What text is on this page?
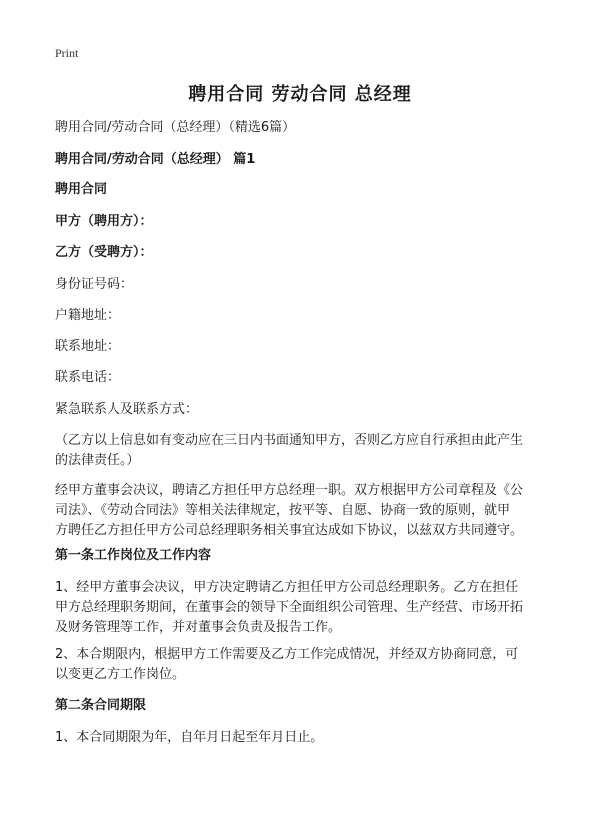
Print
聘用合同 劳动合同 总经理
聘用合同/劳动合同（总经理）（精选6篇）
聘用合同/劳动合同（总经理） 篇1
聘用合同
甲方（聘用方）：
乙方（受聘方）：
身份证号码：
户籍地址：
联系地址：
联系电话：
紧急联系人及联系方式：
（乙方以上信息如有变动应在三日内书面通知甲方，否则乙方应自行承担由此产生
的法律责任。）
经甲方董事会决议，聘请乙方担任甲方总经理一职。双方根据甲方公司章程及《公
司法》、《劳动合同法》等相关法律规定，按平等、自愿、协商一致的原则，就甲
方聘任乙方担任甲方公司总经理职务相关事宜达成如下协议，以兹双方共同遵守。
第一条工作岗位及工作内容
1、经甲方董事会决议，甲方决定聘请乙方担任甲方公司总经理职务。乙方在担任
甲方总经理职务期间，在董事会的领导下全面组织公司管理、生产经营、市场开拓
及财务管理等工作，并对董事会负责及报告工作。
2、本合期限内，根据甲方工作需要及乙方工作完成情况，并经双方协商同意，可
以变更乙方工作岗位。
第二条合同期限
1、本合同期限为年，自年月日起至年月日止。
